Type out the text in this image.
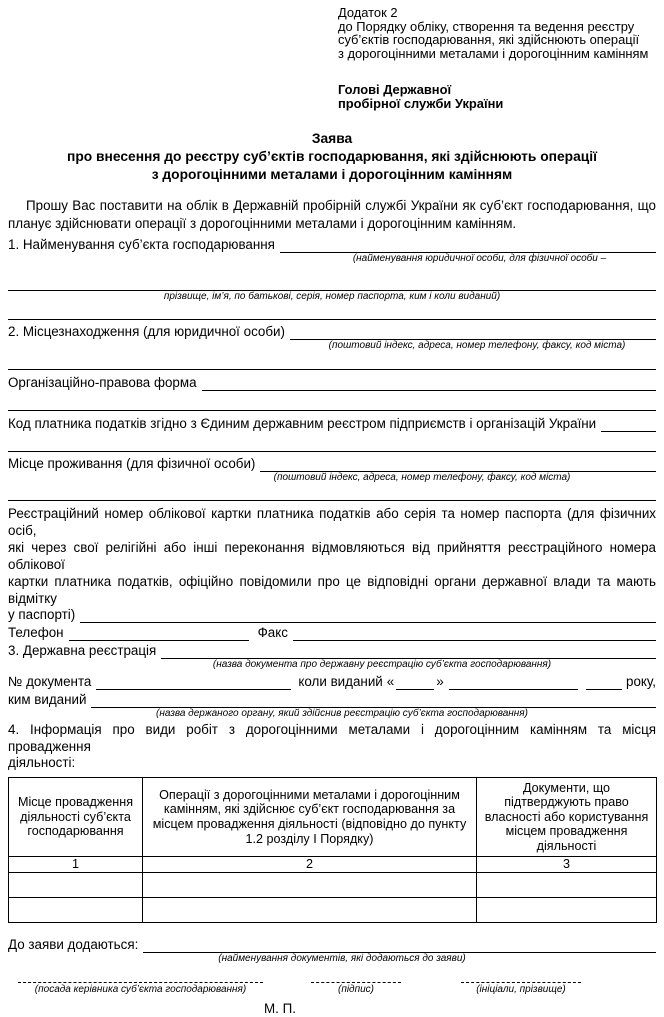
Додаток 2
до Порядку обліку, створення та ведення реєстру
суб’єктів господарювання, які здійснюють операції
з дорогоцінними металами і дорогоцінним камінням
Голові Державної
пробірної служби України
Заява
про внесення до реєстру суб’єктів господарювання, які здійснюють операції
з дорогоцінними металами і дорогоцінним камінням
Прошу Вас поставити на облік в Державній пробірній службі України як суб’єкт господарювання, що
планує здійснювати операції з дорогоцінними металами і дорогоцінним камінням.
1. Найменування суб’єкта господарювання
(найменування юридичної особи, для фізичної особи –
прізвище, ім’я, по батькові, серія, номер паспорта, ким і коли виданий)
2. Місцезнаходження (для юридичної особи)
(поштовий індекс, адреса, номер телефону, факсу, код міста)
Організаційно-правова форма
Код платника податків згідно з Єдиним державним реєстром підприємств і організацій України
Місце проживання (для фізичної особи)
(поштовий індекс, адреса, номер телефону, факсу, код міста)
Реєстраційний номер облікової картки платника податків або серія та номер паспорта (для фізичних осіб,
які через свої релігійні або інші переконання відмовляються від прийняття реєстраційного номера облікової
картки платника податків, офіційно повідомили про це відповідні органи державної влади та мають відмітку
у паспорті)
Телефон	Факс
3. Державна реєстрація
(назва документа про державну реєстрацію суб’єкта господарювання)
№ документа	коли виданий «	»	року,
ким виданий
(назва держаного органу, який здійснив реєстрацію суб’єкта господарювання)
4. Інформація про види робіт з дорогоцінними металами і дорогоцінним камінням та місця провадження
діяльності:
Місце провадження діяльності суб’єкта господарювання	Операції з дорогоцінними металами і дорогоцінним камінням, які здійснює суб’єкт господарювання за місцем провадження діяльності (відповідно до пункту 1.2 розділу І Порядку)	Документи, що підтверджують право власності або користування місцем провадження діяльності
1	2	3

До заяви додаються:
(найменування документів, які додаються до заяви)
(посада керівника суб’єкта господарювання)	(підпис)	(ініціали, прізвище)
М. П.
